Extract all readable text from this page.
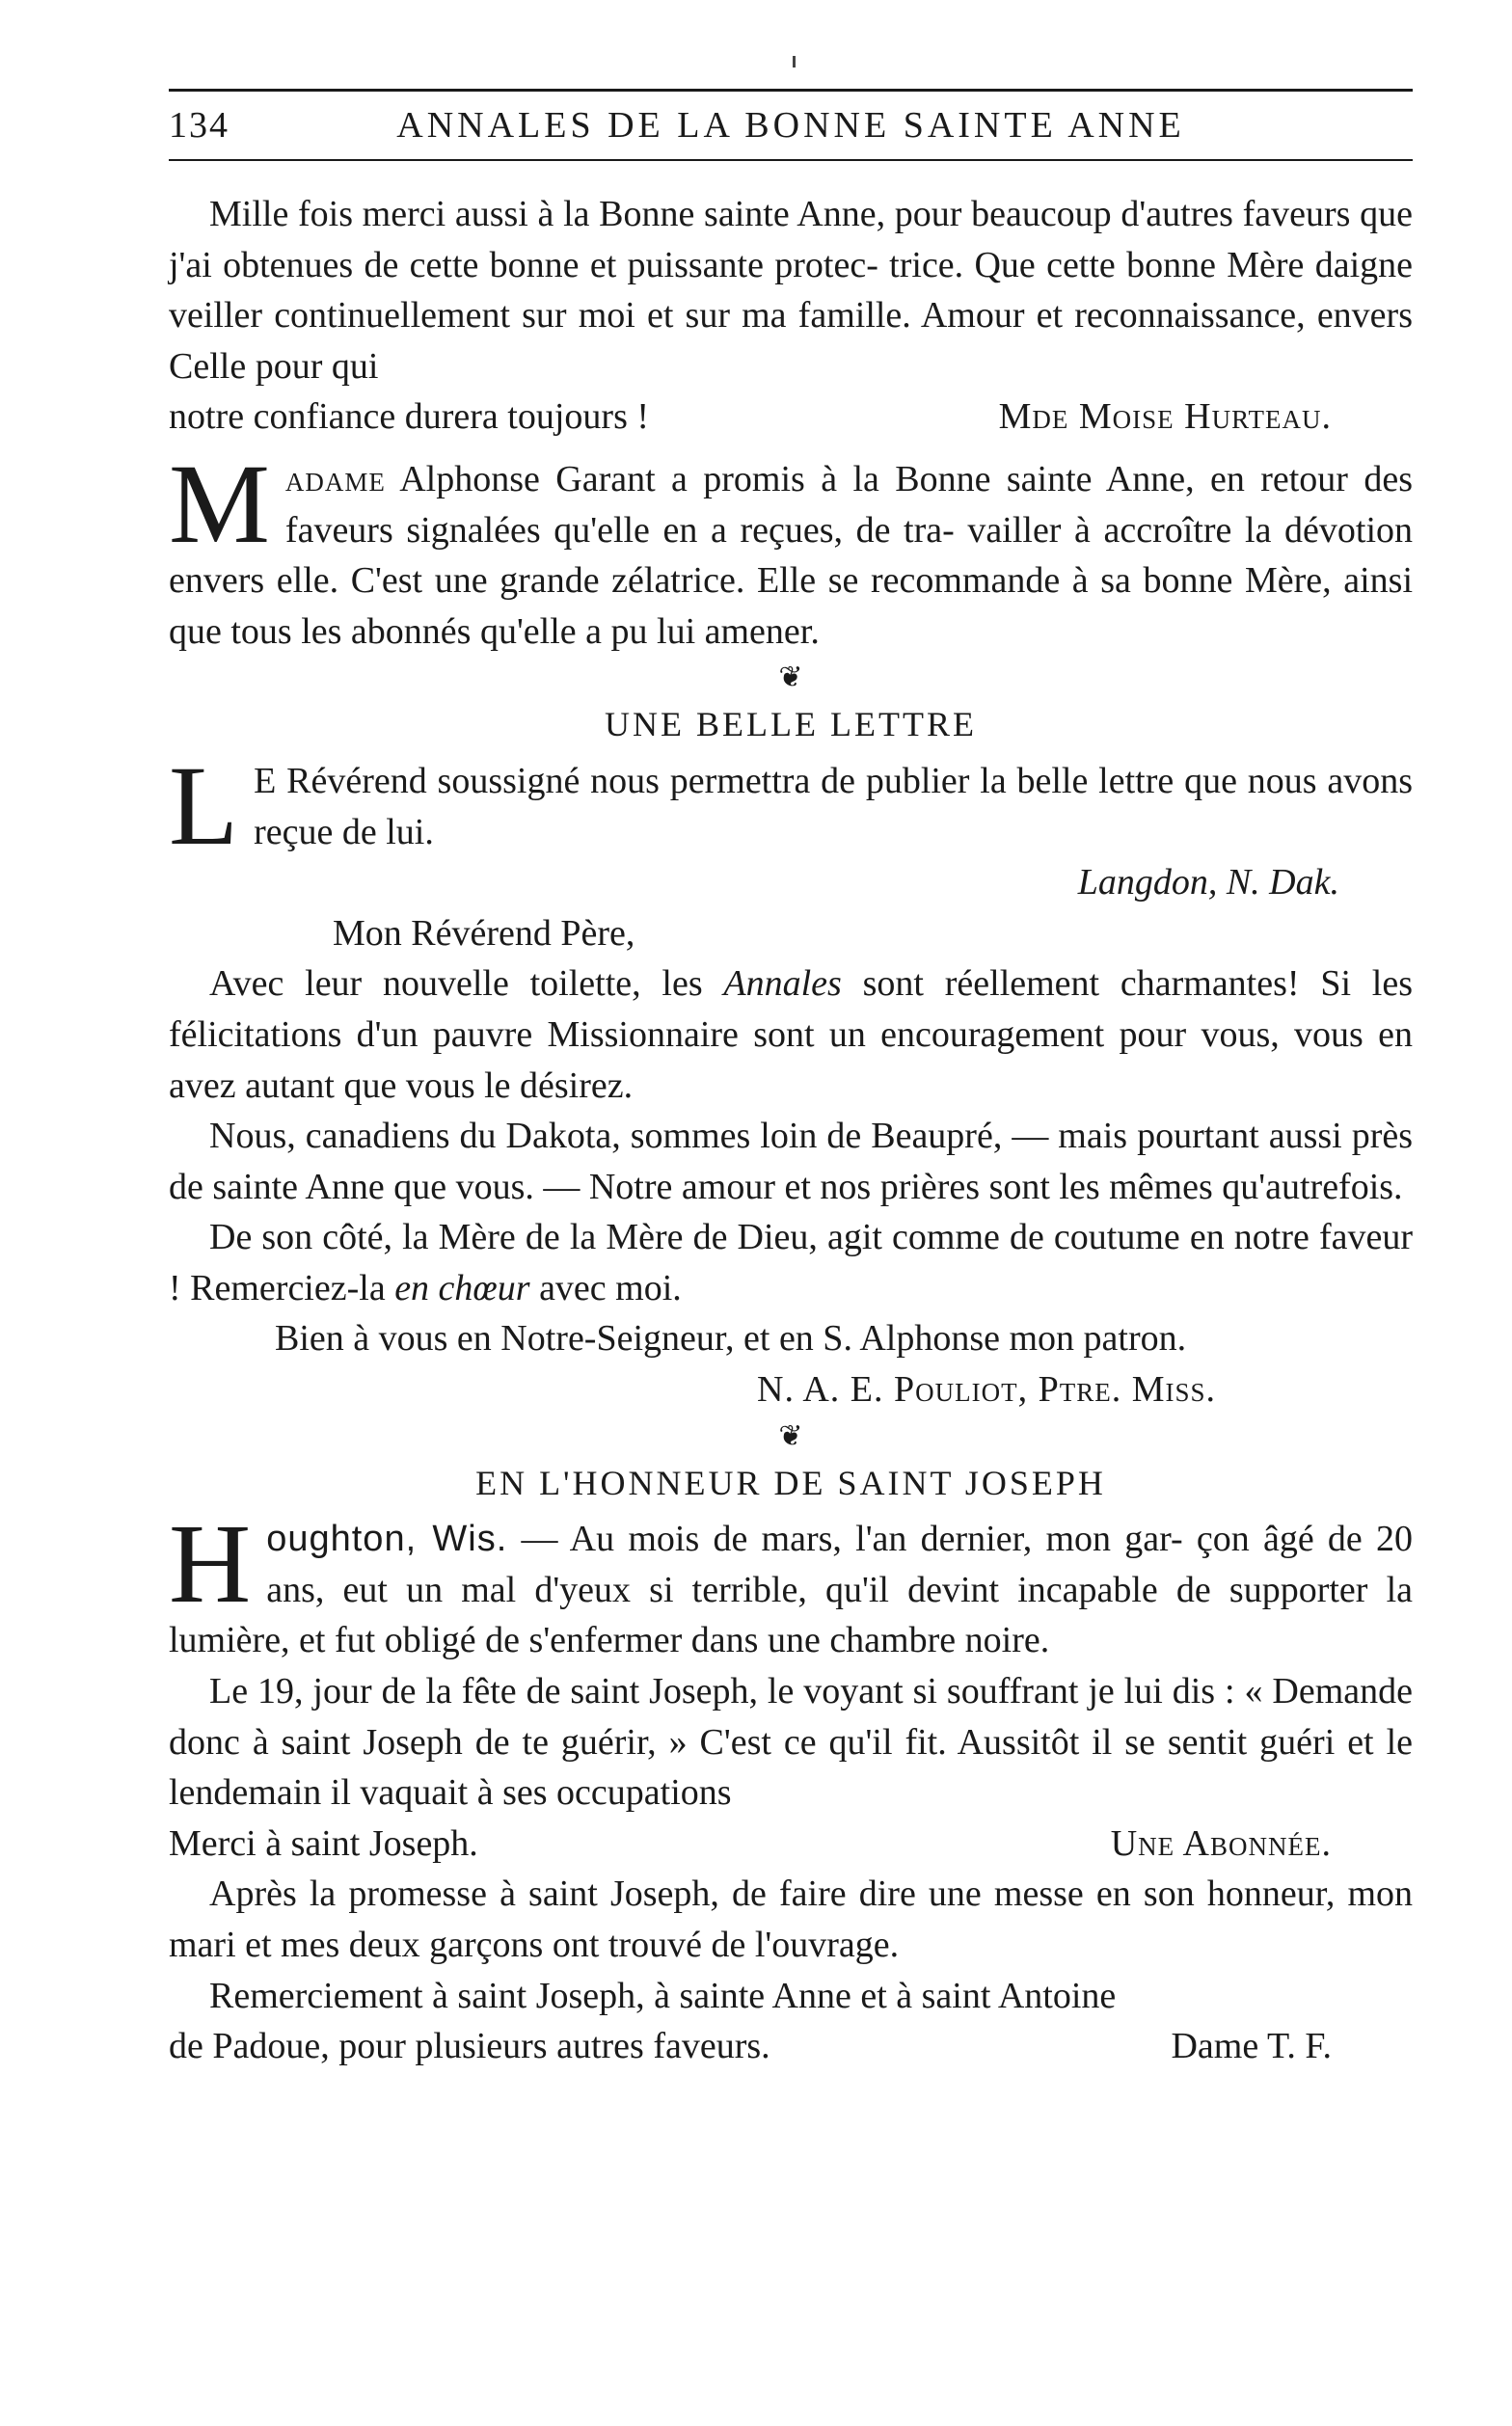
134	ANNALES DE LA BONNE SAINTE ANNE
Mille fois merci aussi à la Bonne sainte Anne, pour beaucoup d'autres faveurs que j'ai obtenues de cette bonne et puissante protec- trice. Que cette bonne Mère daigne veiller continuellement sur moi et sur ma famille. Amour et reconnaissance, envers Celle pour qui
notre confiance durera toujours !	Mde Moise Hurteau.
M adame Alphonse Garant a promis à la Bonne sainte Anne, en retour des faveurs signalées qu'elle en a reçues, de tra- vailler à accroître la dévotion envers elle. C'est une grande zélatrice. Elle se recommande à sa bonne Mère, ainsi que tous les abonnés qu'elle a pu lui amener.

❦

UNE BELLE LETTRE

L E Révérend soussigné nous permettra de publier la belle lettre que nous avons reçue de lui.
Langdon, N. Dak.
Mon Révérend Père,
Avec leur nouvelle toilette, les Annales sont réellement charmantes! Si les félicitations d'un pauvre Missionnaire sont un encouragement pour vous, vous en avez autant que vous le désirez.
Nous, canadiens du Dakota, sommes loin de Beaupré, — mais pourtant aussi près de sainte Anne que vous. — Notre amour et nos prières sont les mêmes qu'autrefois.
De son côté, la Mère de la Mère de Dieu, agit comme de coutume en notre faveur ! Remerciez-la en chœur avec moi.
Bien à vous en Notre-Seigneur, et en S. Alphonse mon patron.
N. A. E. Pouliot, Ptre. Miss.

❦

EN L'HONNEUR DE SAINT JOSEPH

H oughton, Wis. — Au mois de mars, l'an dernier, mon gar- çon âgé de 20 ans, eut un mal d'yeux si terrible, qu'il devint incapable de supporter la lumière, et fut obligé de s'enfermer dans une chambre noire.
Le 19, jour de la fête de saint Joseph, le voyant si souffrant je lui dis : « Demande donc à saint Joseph de te guérir, » C'est ce qu'il fit. Aussitôt il se sentit guéri et le lendemain il vaquait à ses occupations
Merci à saint Joseph.	Une Abonnée.
Après la promesse à saint Joseph, de faire dire une messe en son honneur, mon mari et mes deux garçons ont trouvé de l'ouvrage.
Remerciement à saint Joseph, à sainte Anne et à saint Antoine
de Padoue, pour plusieurs autres faveurs.	Dame T. F.
